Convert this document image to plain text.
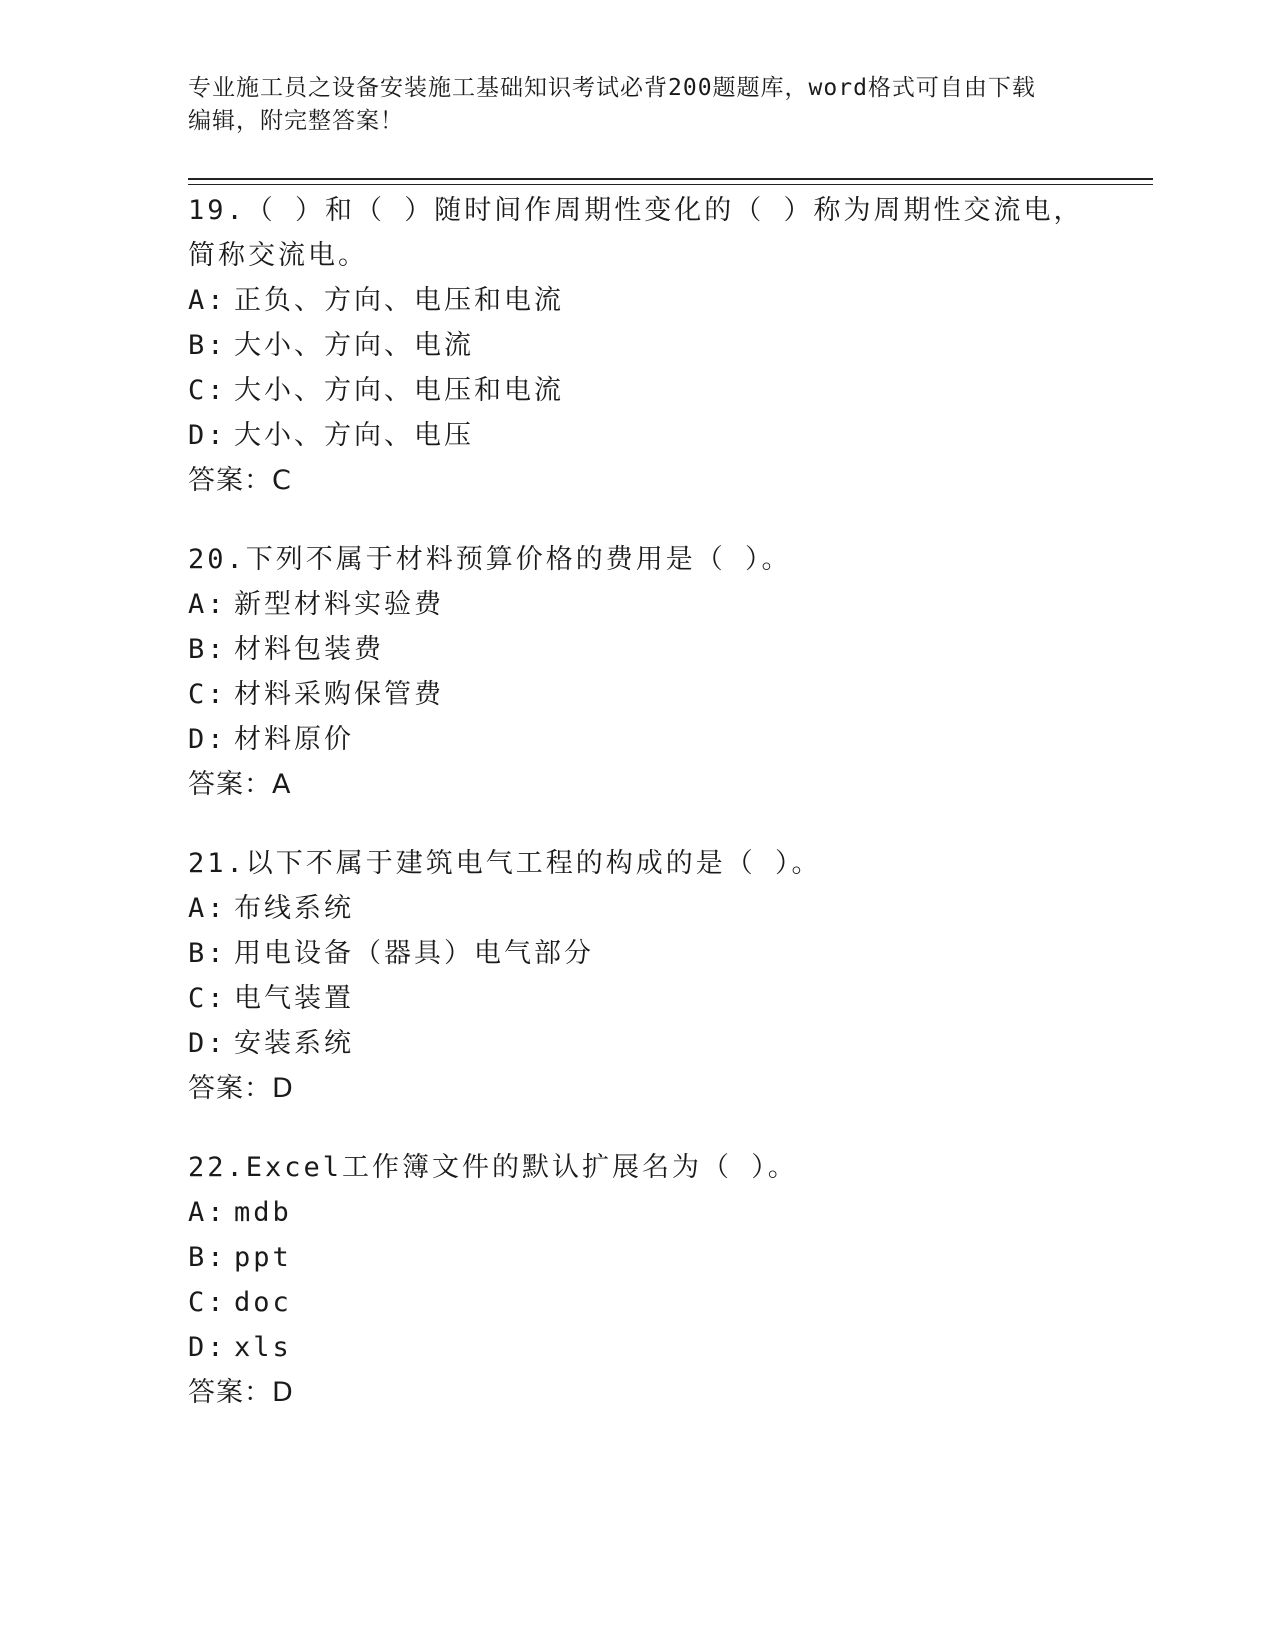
专业施工员之设备安装施工基础知识考试必背200题题库，word格式可自由下载
编辑，附完整答案！

19.（ ）和（ ）随时间作周期性变化的（ ）称为周期性交流电，简称交流电。

A: 正负、方向、电压和电流
B: 大小、方向、电流
C: 大小、方向、电压和电流
D: 大小、方向、电压

答案：C

20.下列不属于材料预算价格的费用是（ ）。

A: 新型材料实验费
B: 材料包装费
C: 材料采购保管费
D: 材料原价

答案：A

21.以下不属于建筑电气工程的构成的是（ ）。

A: 布线系统
B: 用电设备（器具）电气部分
C: 电气装置
D: 安装系统

答案：D

22.Excel工作簿文件的默认扩展名为（ ）。

A: mdb
B: ppt
C: doc
D: xls

答案：D
